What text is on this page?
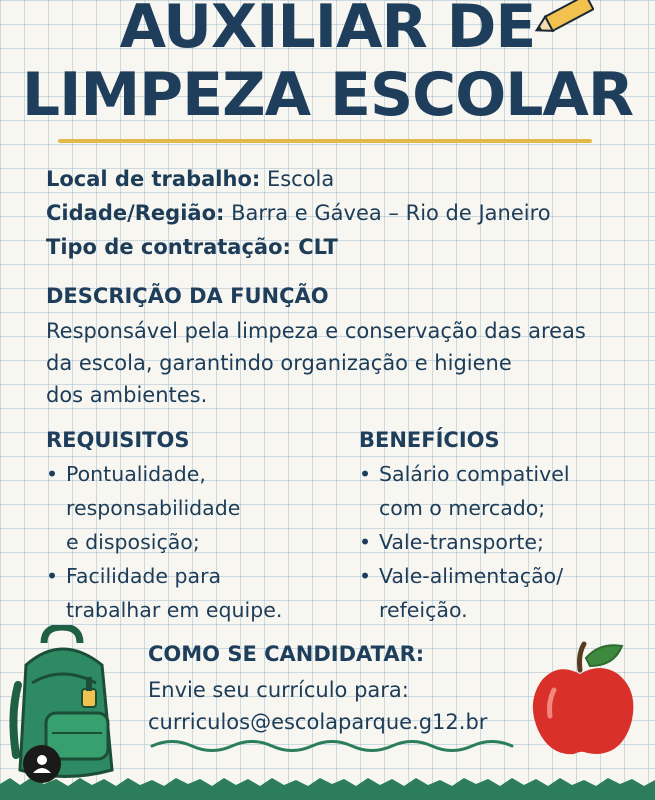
AUXILIAR DE
LIMPEZA ESCOLAR
Local de trabalho: Escola
Cidade/Região: Barra e Gávea – Rio de Janeiro
Tipo de contratação: CLT
DESCRIÇÃO DA FUNÇÃO
Responsável pela limpeza e conservação das areas
da escola, garantindo organização e higiene
dos ambientes.
REQUISITOS
• Pontualidade,
responsabilidade
e disposição;
• Facilidade para
trabalhar em equipe.
BENEFÍCIOS
• Salário compativel
com o mercado;
• Vale-transporte;
• Vale-alimentação/
refeição.
COMO SE CANDIDATAR:
Envie seu currículo para:
curriculos@escolaparque.g12.br
